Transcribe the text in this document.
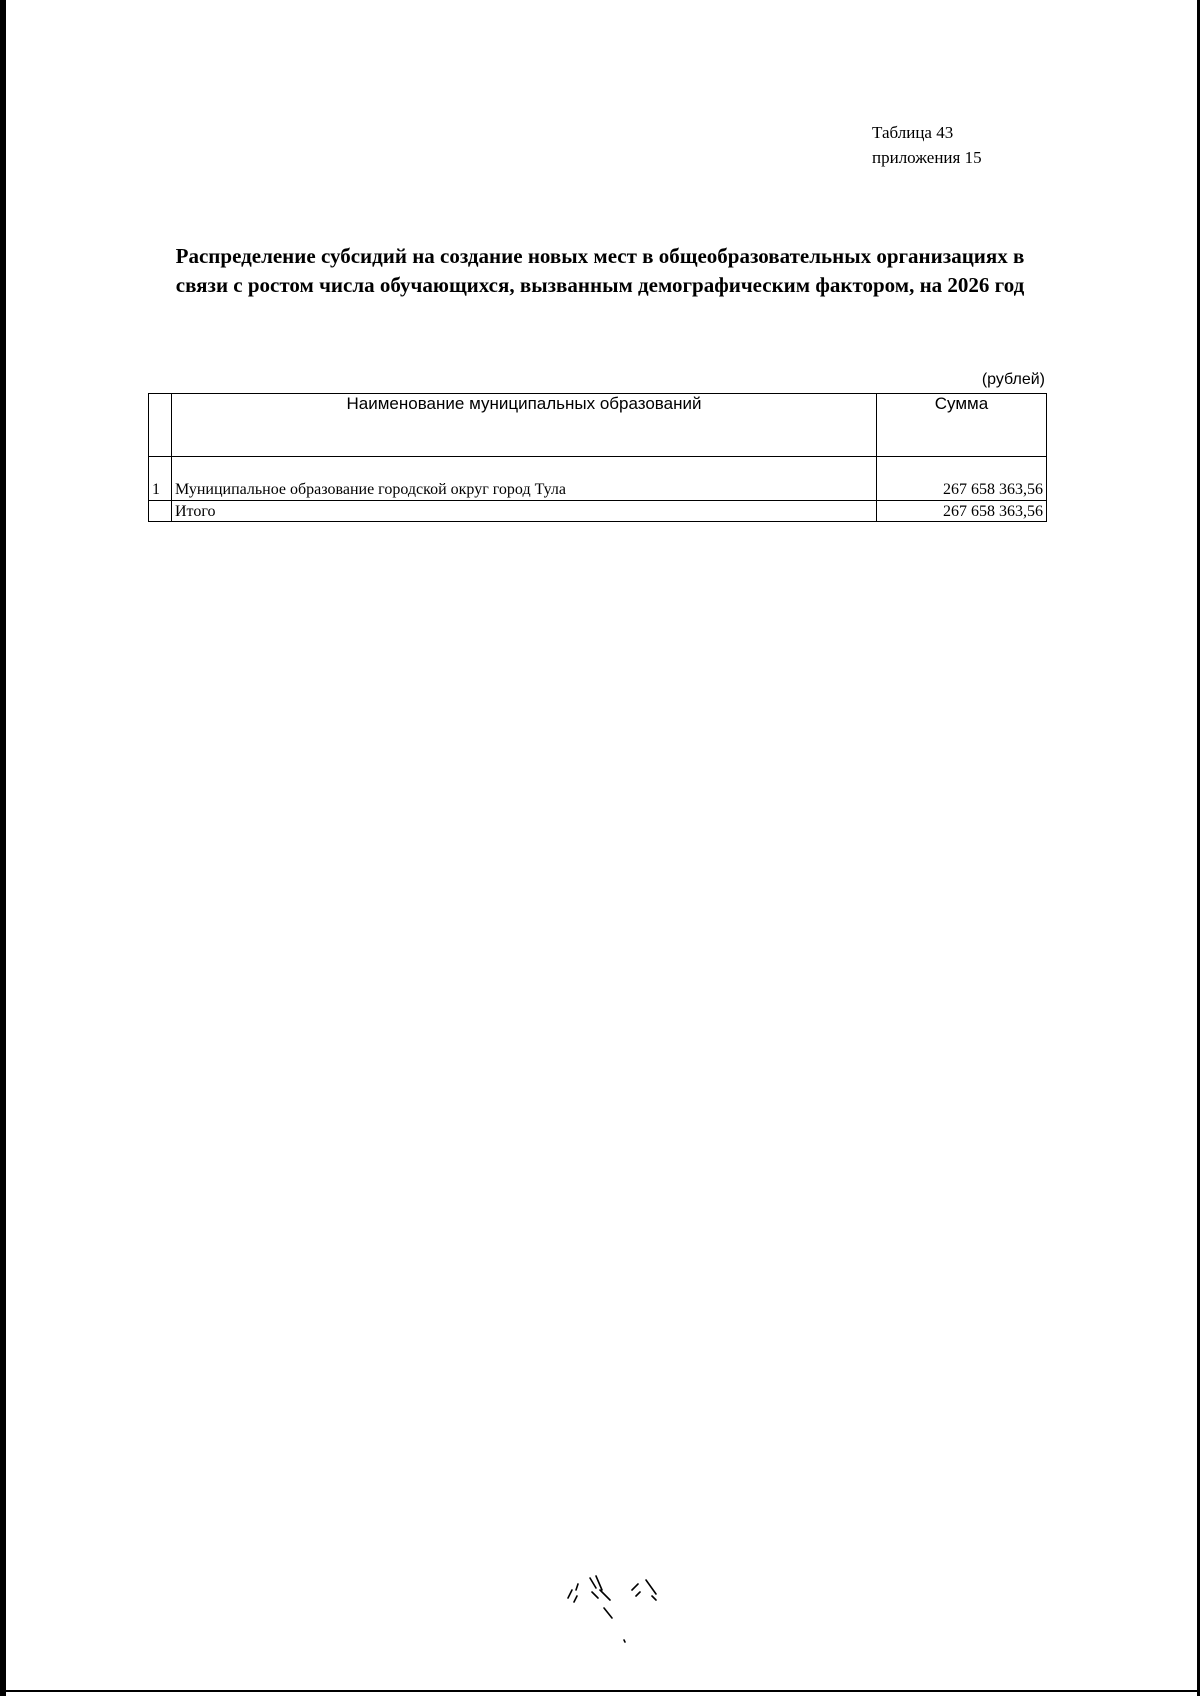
Таблица 43
приложения 15
Распределение субсидий на создание новых мест в общеобразовательных организациях в
связи с ростом числа обучающихся, вызванным демографическим фактором, на 2026 год
(рублей)
	Наименование муниципальных образований	Сумма
1	Муниципальное образование городской округ город Тула	267 658 363,56
	Итого	267 658 363,56
